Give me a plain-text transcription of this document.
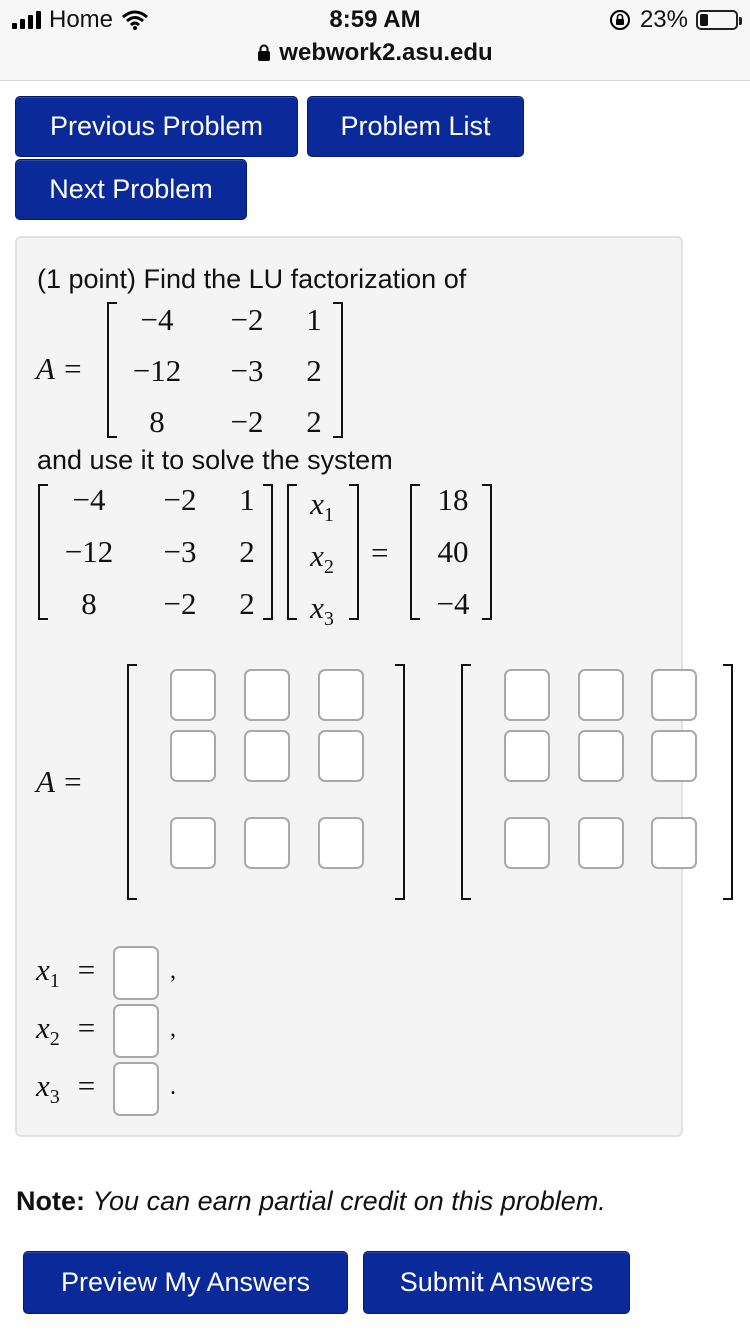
Home	8:59 AM
webwork2.asu.edu
23%
Previous Problem	Problem List
Next Problem
(1 point) Find the LU factorization of
A =
−4	−2	1
−12	−3	2
8	−2	2
and use it to solve the system
−4	−2	1
−12	−3	2
8	−2	2
$x_1$
$x_2$
$x_3$
=
18
40
−4
A =
$x_1$ =	,
$x_2$ =	,
$x_3$ =	.
Note: You can earn partial credit on this problem.
Preview My Answers	Submit Answers
